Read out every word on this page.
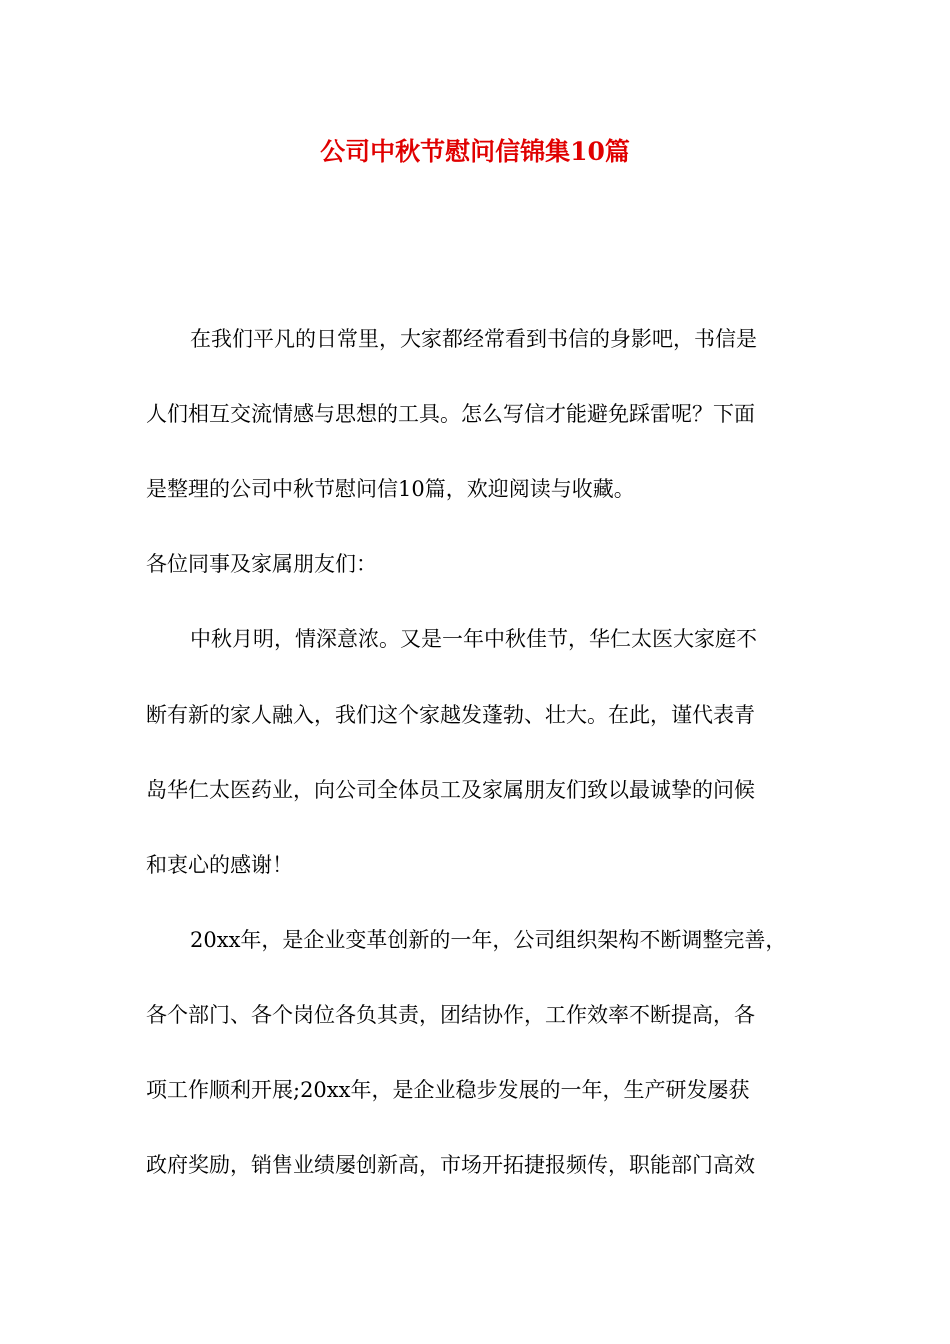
公司中秋节慰问信锦集10篇

在我们平凡的日常里，大家都经常看到书信的身影吧，书信是

人们相互交流情感与思想的工具。怎么写信才能避免踩雷呢？下面

是整理的公司中秋节慰问信10篇，欢迎阅读与收藏。

各位同事及家属朋友们：

中秋月明，情深意浓。又是一年中秋佳节，华仁太医大家庭不

断有新的家人融入，我们这个家越发蓬勃、壮大。在此，谨代表青

岛华仁太医药业，向公司全体员工及家属朋友们致以最诚挚的问候

和衷心的感谢！

20xx年，是企业变革创新的一年，公司组织架构不断调整完善，

各个部门、各个岗位各负其责，团结协作，工作效率不断提高，各

项工作顺利开展;20xx年，是企业稳步发展的一年，生产研发屡获

政府奖励，销售业绩屡创新高，市场开拓捷报频传，职能部门高效
